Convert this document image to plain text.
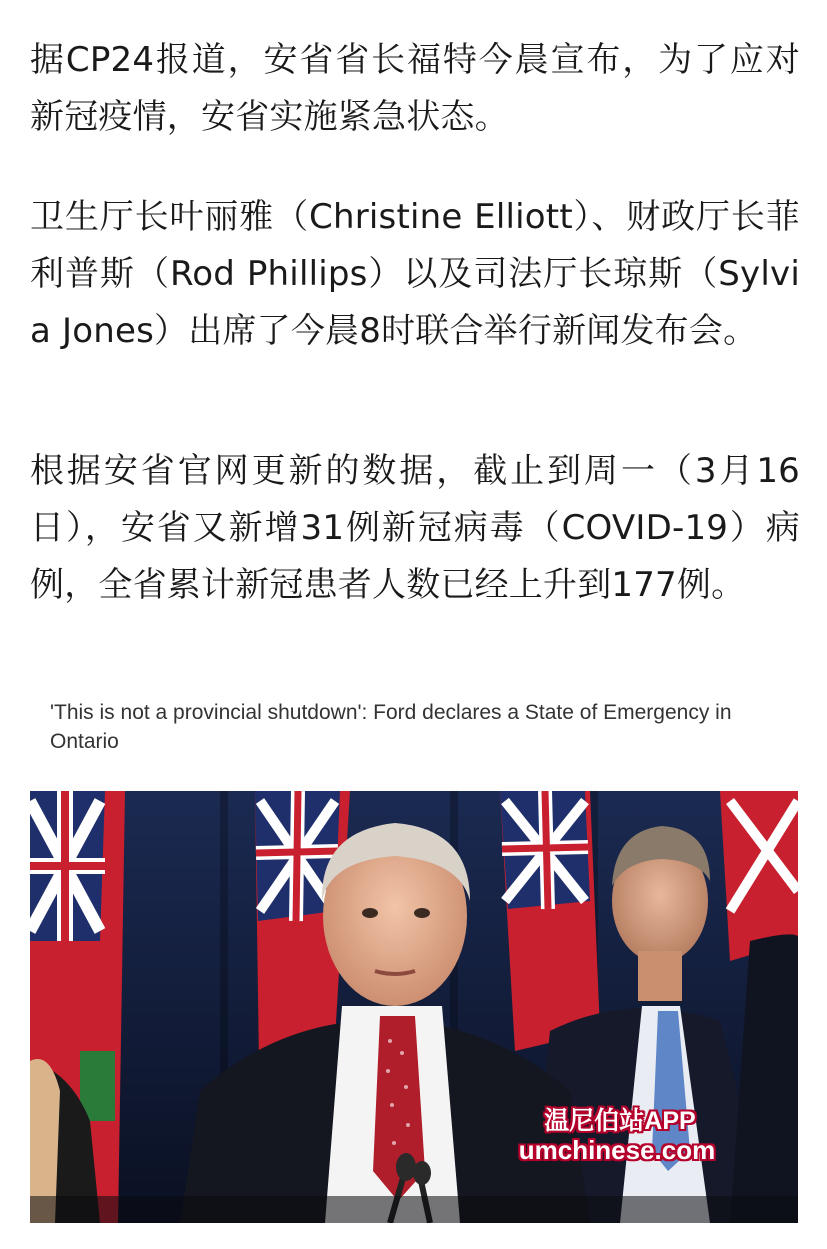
据CP24报道，安省省长福特今晨宣布，为了应对新冠疫情，安省实施紧急状态。

卫生厅长叶丽雅（Christine Elliott）、财政厅长菲利普斯（Rod Phillips）以及司法厅长琼斯（Sylvia Jones）出席了今晨8时联合举行新闻发布会。

根据安省官网更新的数据，截止到周一（3月16日），安省又新增31例新冠病毒（COVID-19）病例，全省累计新冠患者人数已经上升到177例。

'This is not a provincial shutdown': Ford declares a State of Emergency in Ontario
温尼伯站APP
umchinese.com
